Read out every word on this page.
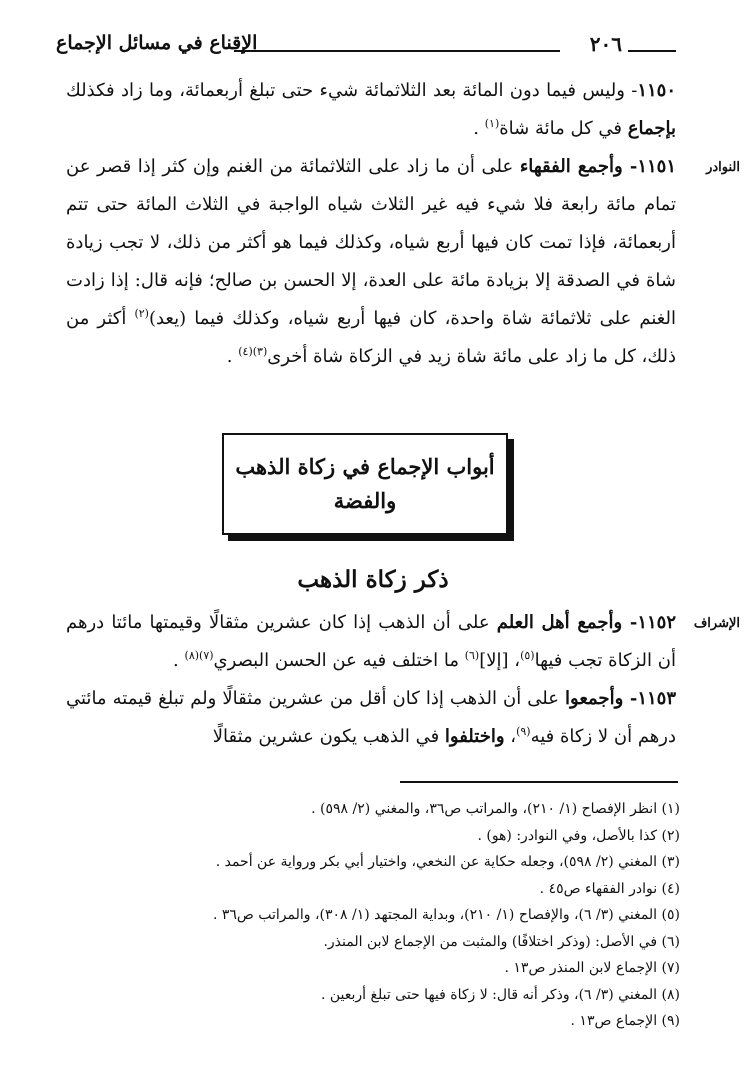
٢٠٦
الإقناع في مسائل الإجماع

١١٥٠- وليس فيما دون المائة بعد الثلاثمائة شيء حتى تبلغ أربعمائة، وما زاد فكذلك بإجماع في كل مائة شاة$^{(١)}$ .

النوادر

١١٥١- وأجمع الفقهاء على أن ما زاد على الثلاثمائة من الغنم وإن كثر إذا قصر عن تمام مائة رابعة فلا شيء فيه غير الثلاث شياه الواجبة في الثلاث المائة حتى تتم أربعمائة، فإذا تمت كان فيها أربع شياه، وكذلك فيما هو أكثر من ذلك، لا تجب زيادة شاة في الصدقة إلا بزيادة مائة على العدة، إلا الحسن بن صالح؛ فإنه قال: إذا زادت الغنم على ثلاثمائة شاة واحدة، كان فيها أربع شياه، وكذلك فيما (يعد)$^{(٢)}$ أكثر من ذلك، كل ما زاد على مائة شاة زيد في الزكاة شاة أخرى$^{(٣)(٤)}$ .

أبواب الإجماع في زكاة الذهب
والفضة
ذكر زكاة الذهب
الإشراف

١١٥٢- وأجمع أهل العلم على أن الذهب إذا كان عشرين مثقالًا وقيمتها مائتا درهم أن الزكاة تجب فيها$^{(٥)}$، [إلا]$^{(٦)}$ ما اختلف فيه عن الحسن البصري$^{(٧)(٨)}$ .

١١٥٣- وأجمعوا على أن الذهب إذا كان أقل من عشرين مثقالًا ولم تبلغ قيمته مائتي درهم أن لا زكاة فيه$^{(٩)}$، واختلفوا في الذهب يكون عشرين مثقالًا

(١) انظر الإفصاح (١/ ٢١٠)، والمراتب ص٣٦، والمغني (٢/ ٥٩٨) .
(٢) كذا بالأصل، وفي النوادر: (هو) .
(٣) المغني (٢/ ٥٩٨)، وجعله حكاية عن النخعي، واختيار أبي بكر ورواية عن أحمد .
(٤) نوادر الفقهاء ص٤٥ .
(٥) المغني (٣/ ٦)، والإفصاح (١/ ٢١٠)، وبداية المجتهد (١/ ٣٠٨)، والمراتب ص٣٦ .
(٦) في الأصل: (وذكر اختلافًا) والمثبت من الإجماع لابن المنذر.
(٧) الإجماع لابن المنذر ص١٣ .
(٨) المغني (٣/ ٦)، وذكر أنه قال: لا زكاة فيها حتى تبلغ أربعين .
(٩) الإجماع ص١٣ .
